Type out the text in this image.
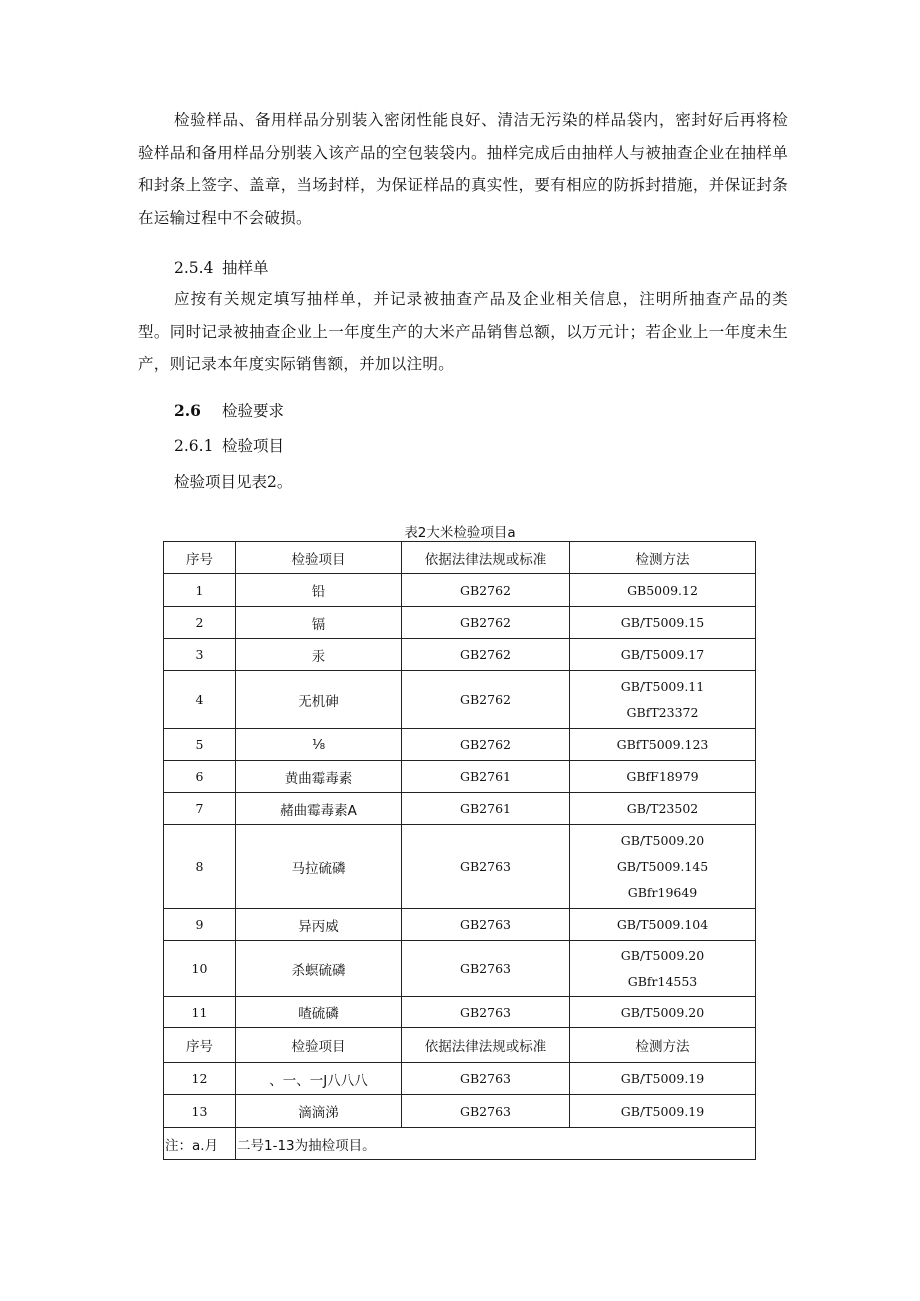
检验样品、备用样品分别装入密闭性能良好、清洁无污染的样品袋内，密封好后再将检验样品和备用样品分别装入该产品的空包装袋内。抽样完成后由抽样人与被抽查企业在抽样单和封条上签字、盖章，当场封样，为保证样品的真实性，要有相应的防拆封措施，并保证封条在运输过程中不会破损。
2.5.4 抽样单
应按有关规定填写抽样单，并记录被抽查产品及企业相关信息，注明所抽查产品的类型。同时记录被抽查企业上一年度生产的大米产品销售总额，以万元计；若企业上一年度未生产，则记录本年度实际销售额，并加以注明。
2.6 检验要求
2.6.1 检验项目
检验项目见表2。
表2大米检验项目a
序号	检验项目	依据法律法规或标准	检测方法
1	铅	GB2762	GB5009.12
2	镉	GB2762	GB/T5009.15
3	汞	GB2762	GB/T5009.17
4	无机砷	GB2762	GB/T5009.11
GBfT23372

5	⅛	GB2762	GBfT5009.123
6	黄曲霉毒素	GB2761	GBfF18979
7	赭曲霉毒素A	GB2761	GB/T23502
8	马拉硫磷	GB2763	GB/T5009.20
GB/T5009.145
GBfr19649

9	异丙威	GB2763	GB/T5009.104
10	杀螟硫磷	GB2763	GB/T5009.20
GBfr14553

11	喳硫磷	GB2763	GB/T5009.20
序号	检验项目	依据法律法规或标准	检测方法
12	、一、一J八八八	GB2763	GB/T5009.19
13	滴滴涕	GB2763	GB/T5009.19
注：a.月	二号1-13为抽检项目。		
